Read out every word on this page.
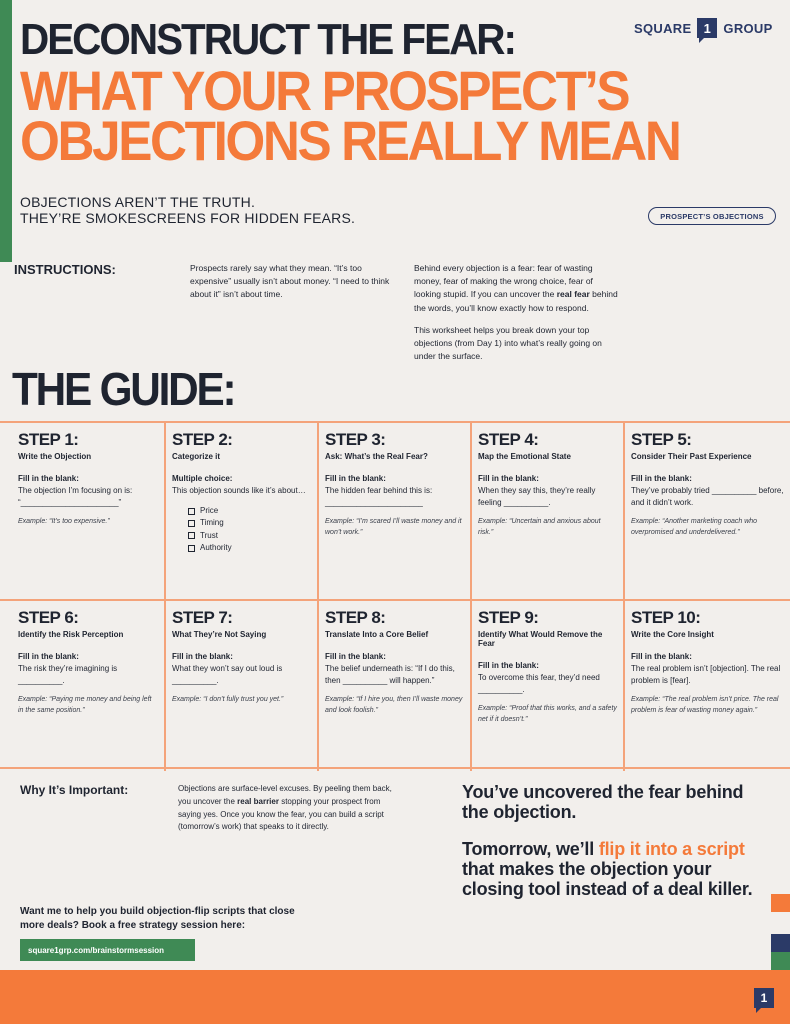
SQUARE 1 GROUP
DECONSTRUCT THE FEAR:
WHAT YOUR PROSPECT’S OBJECTIONS REALLY MEAN
OBJECTIONS AREN’T THE TRUTH.
THEY’RE SMOKESCREENS FOR HIDDEN FEARS.	PROSPECT’S OBJECTIONS
INSTRUCTIONS:	Prospects rarely say what they mean. “It’s too expensive” usually isn’t about money. “I need to think about it” isn’t about time.

Behind every objection is a fear: fear of wasting money, fear of making the wrong choice, fear of looking stupid. If you can uncover the real fear behind the words, you’ll know exactly how to respond.

This worksheet helps you break down your top objections (from Day 1) into what’s really going on under the surface.

THE GUIDE:
STEP 1:
Write the Objection
Fill in the blank:
The objection I’m focusing on is: “______________________”
Example: “It’s too expensive.”
STEP 2:
Categorize it
Multiple choice:
This objection sounds like it’s about…
Price
Timing
Trust
Authority
STEP 3:
Ask: What’s the Real Fear?
Fill in the blank:
The hidden fear behind this is: ______________________
Example: “I’m scared I’ll waste money and it won’t work.”
STEP 4:
Map the Emotional State
Fill in the blank:
When they say this, they’re really feeling __________.
Example: “Uncertain and anxious about risk.”
STEP 5:
Consider Their Past Experience
Fill in the blank:
They’ve probably tried __________ before, and it didn’t work.
Example: “Another marketing coach who overpromised and underdelivered.”
STEP 6:
Identify the Risk Perception
Fill in the blank:
The risk they’re imagining is __________.
Example: “Paying me money and being left in the same position.”
STEP 7:
What They’re Not Saying
Fill in the blank:
What they won’t say out loud is __________.
Example: “I don’t fully trust you yet.”
STEP 8:
Translate Into a Core Belief
Fill in the blank:
The belief underneath is: “If I do this, then __________ will happen.”
Example: “If I hire you, then I’ll waste money and look foolish.”
STEP 9:
Identify What Would Remove the Fear
Fill in the blank:
To overcome this fear, they’d need __________.
Example: “Proof that this works, and a safety net if it doesn’t.”
STEP 10:
Write the Core Insight
Fill in the blank:
The real problem isn’t [objection]. The real problem is [fear].
Example: “The real problem isn’t price. The real problem is fear of wasting money again.”
Why It’s Important:	Objections are surface-level excuses. By peeling them back, you uncover the real barrier stopping your prospect from saying yes. Once you know the fear, you can build a script (tomorrow’s work) that speaks to it directly.
You’ve uncovered the fear behind the objection.
Tomorrow, we’ll flip it into a script that makes the objection your closing tool instead of a deal killer.
Want me to help you build objection-flip scripts that close more deals? Book a free strategy session here:
square1grp.com/brainstormsession
1
